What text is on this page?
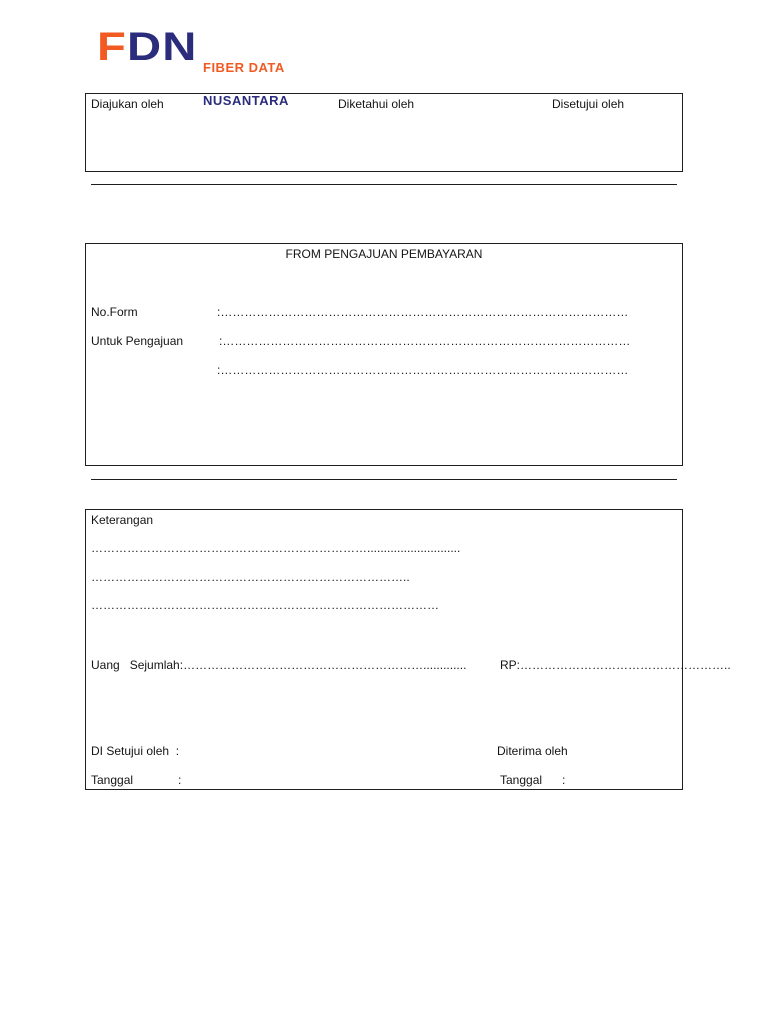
FDN

FIBER DATA

NUSANTARA

Diajukan oleh	Diketahui oleh	Disetujui oleh
FROM PENGAJUAN PEMBAYARAN
No.Form	:…………………………………………………………………………………………
Untuk Pengajuan	:…………………………………………………………………………………………
:…………………………………………………………………………………………
Keterangan
……………………………………………………………............................
……………………………………………………………………..
……………………………………………………………………………
Uang   Sejumlah:…………………………………………………….............	RP:……………………………………………..
DI Setujui oleh  :	Diterima oleh
Tanggal	:	Tanggal :
